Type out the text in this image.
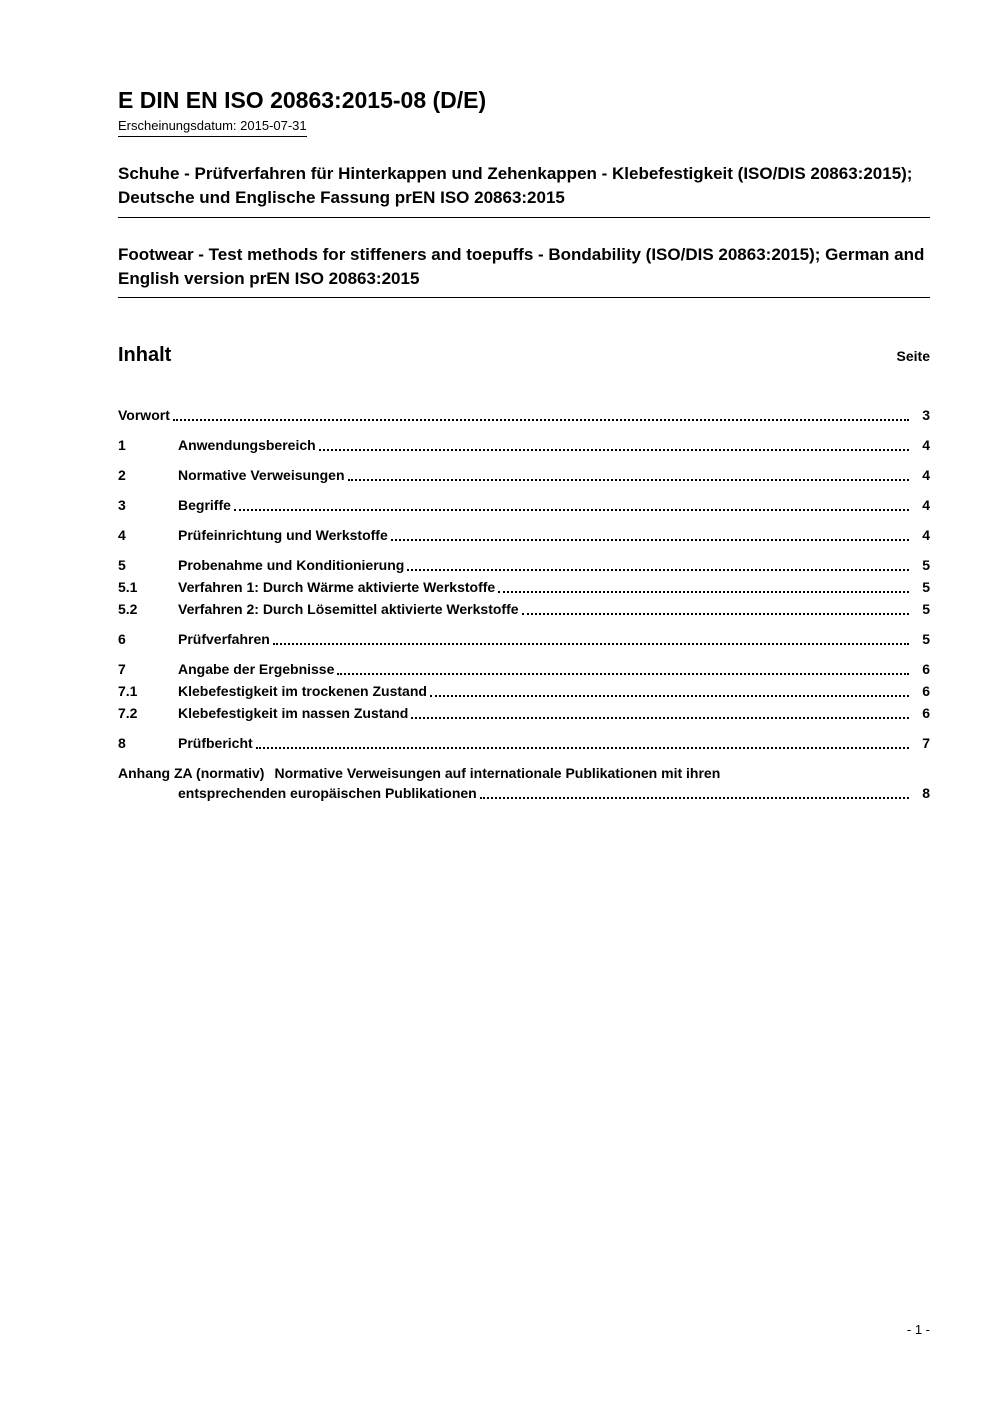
E DIN EN ISO 20863:2015-08 (D/E)
Erscheinungsdatum: 2015-07-31
Schuhe - Prüfverfahren für Hinterkappen und Zehenkappen - Klebefestigkeit (ISO/DIS 20863:2015); Deutsche und Englische Fassung prEN ISO 20863:2015
Footwear - Test methods for stiffeners and toepuffs - Bondability (ISO/DIS 20863:2015); German and English version prEN ISO 20863:2015
Inhalt	Seite
Vorwort	3
1	Anwendungsbereich	4
2	Normative Verweisungen	4
3	Begriffe	4
4	Prüfeinrichtung und Werkstoffe	4
5	Probenahme und Konditionierung	5
5.1	Verfahren 1: Durch Wärme aktivierte Werkstoffe	5
5.2	Verfahren 2: Durch Lösemittel aktivierte Werkstoffe	5
6	Prüfverfahren	5
7	Angabe der Ergebnisse	6
7.1	Klebefestigkeit im trockenen Zustand	6
7.2	Klebefestigkeit im nassen Zustand	6
8	Prüfbericht	7
Anhang ZA (normativ) Normative Verweisungen auf internationale Publikationen mit ihren
entsprechenden europäischen Publikationen	8
- 1 -
